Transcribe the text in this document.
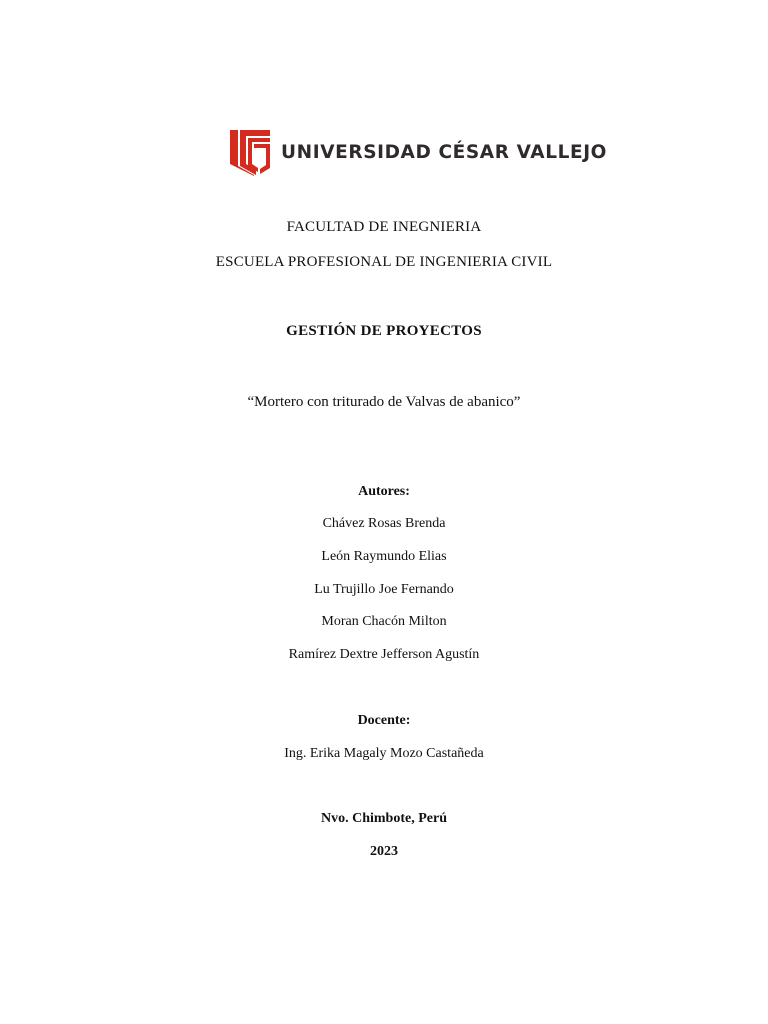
UNIVERSIDAD CÉSAR VALLEJO
FACULTAD DE INEGNIERIA
ESCUELA PROFESIONAL DE INGENIERIA CIVIL
GESTIÓN DE PROYECTOS
“Mortero con triturado de Valvas de abanico”
Autores:
Chávez Rosas Brenda
León Raymundo Elias
Lu Trujillo Joe Fernando
Moran Chacón Milton
Ramírez Dextre Jefferson Agustín
Docente:
Ing. Erika Magaly Mozo Castañeda
Nvo. Chimbote, Perú
2023
